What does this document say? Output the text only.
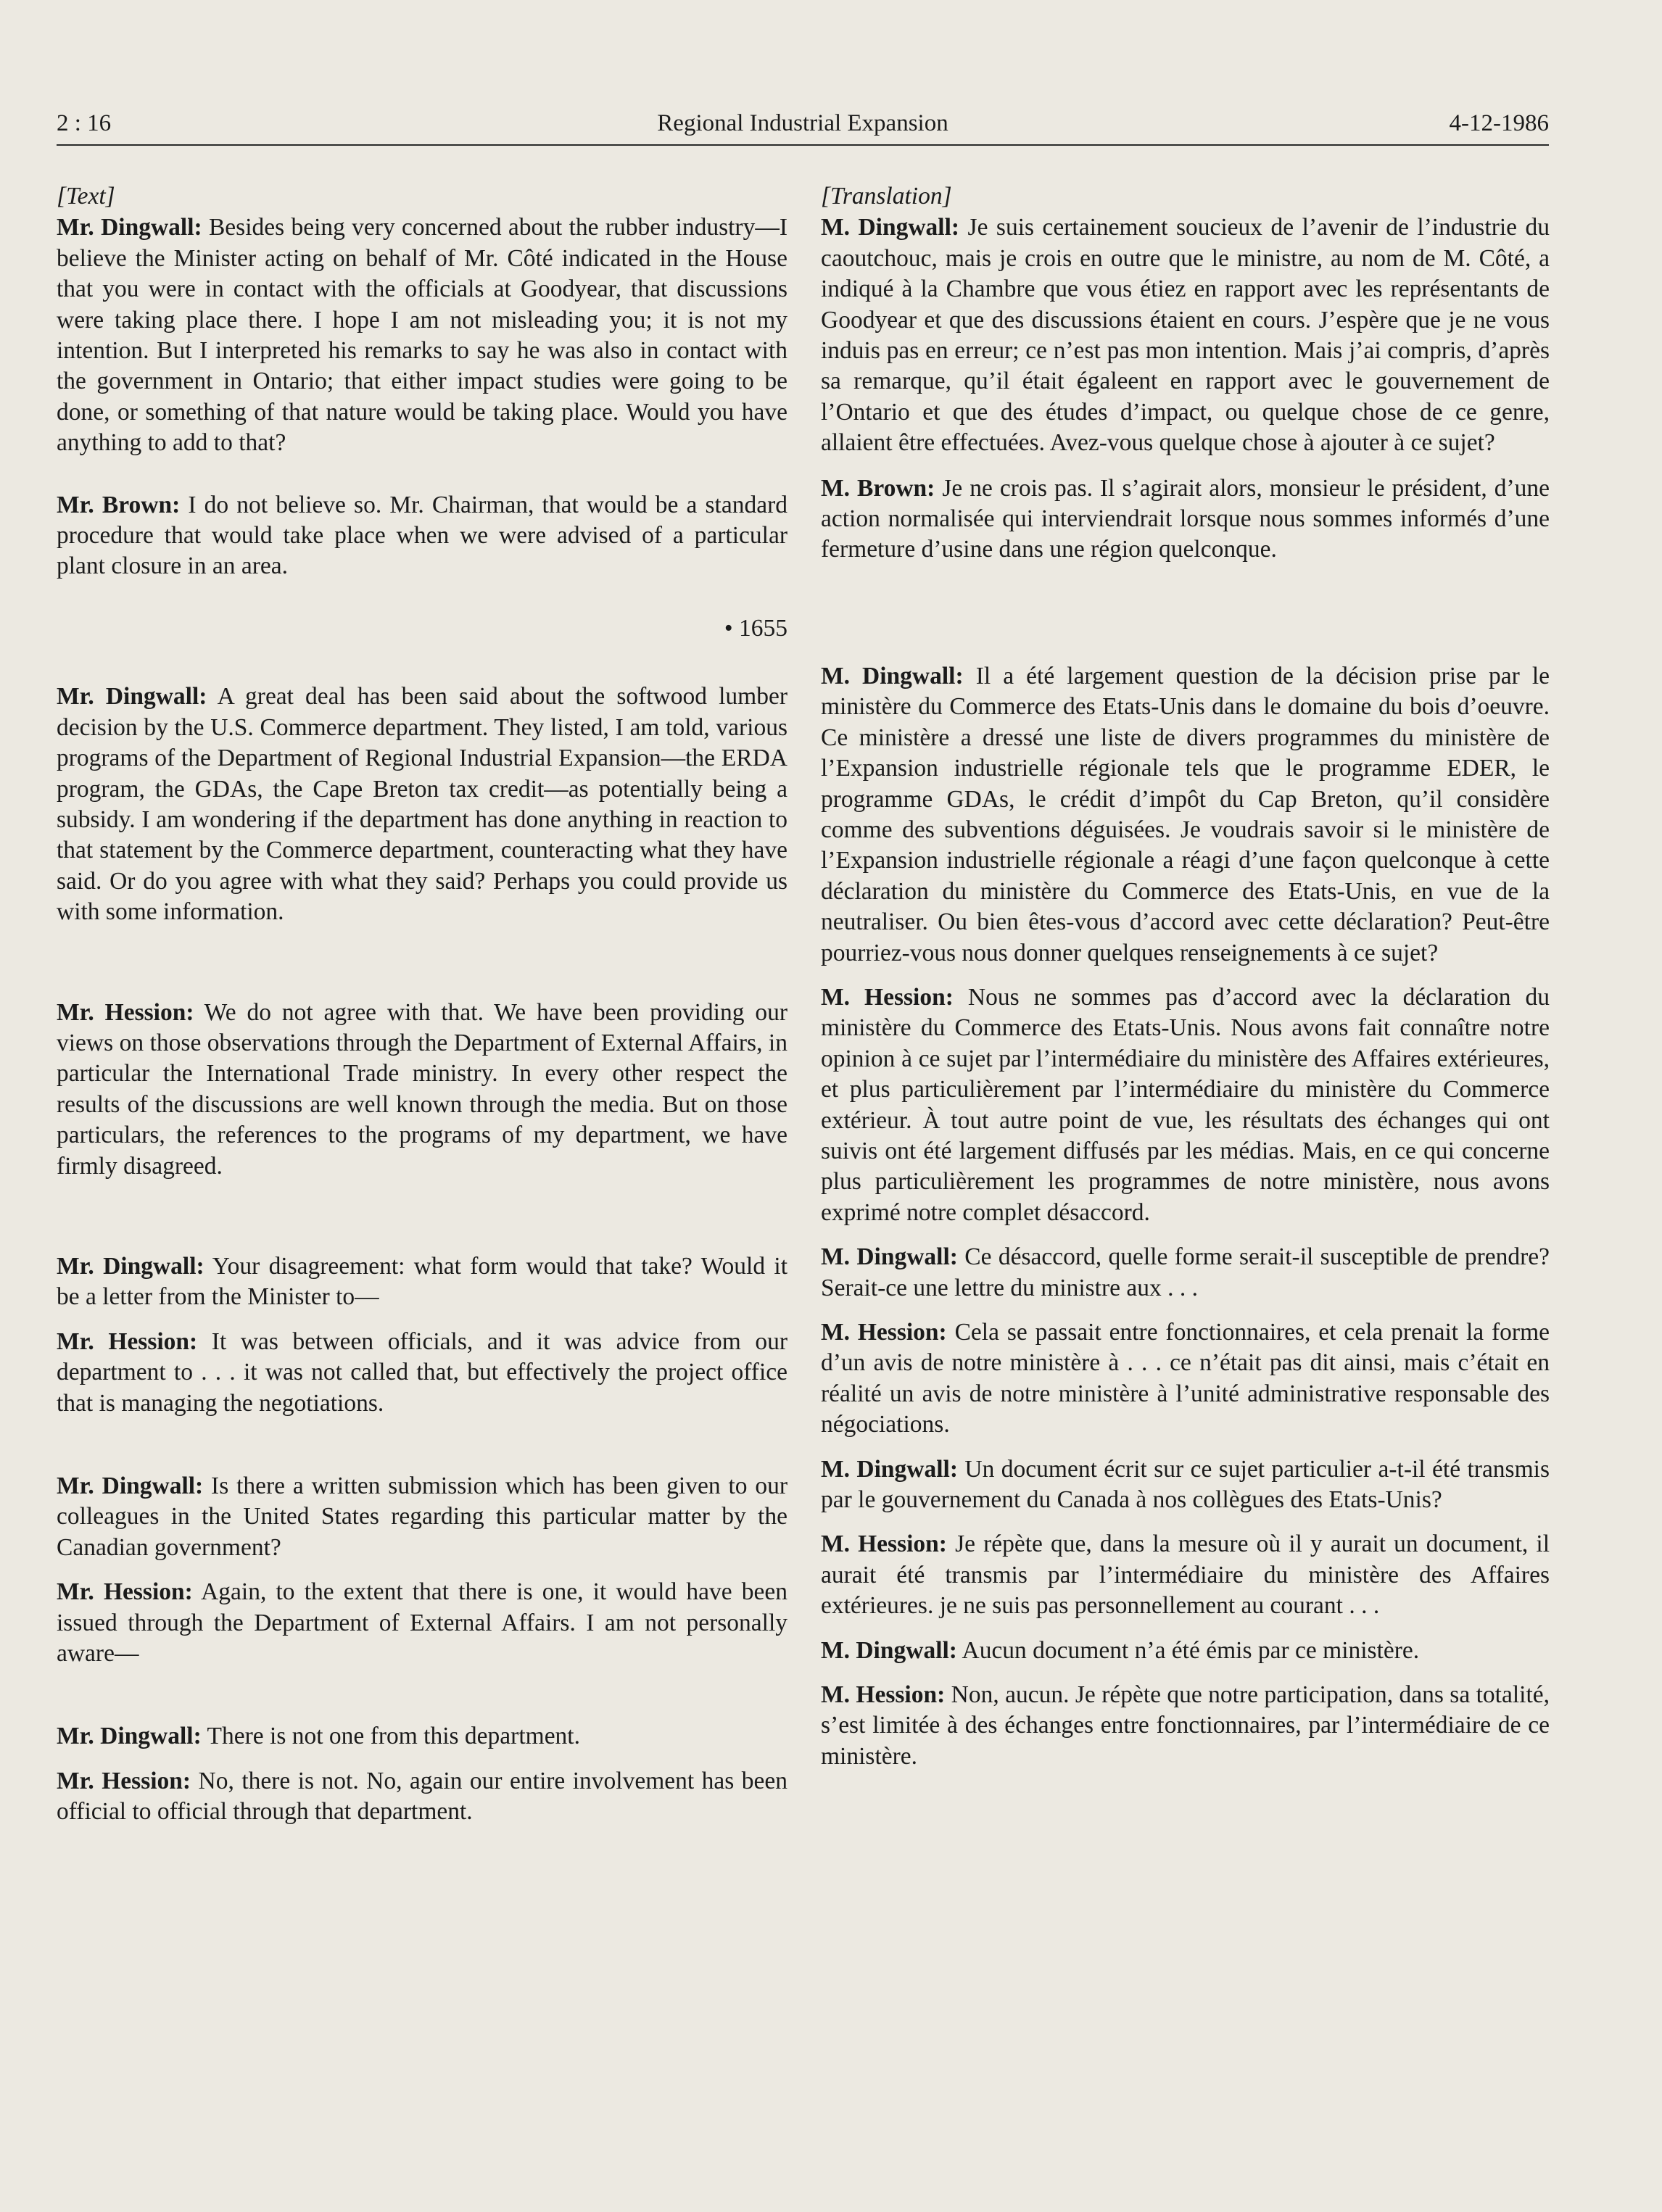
2 : 16	Regional Industrial Expansion	4-12-1986

[Text]

Mr. Dingwall: Besides being very concerned about the rubber industry—I believe the Minister acting on behalf of Mr. Côté indicated in the House that you were in contact with the officials at Goodyear, that discussions were taking place there. I hope I am not misleading you; it is not my intention. But I interpreted his remarks to say he was also in contact with the government in Ontario; that either impact studies were going to be done, or something of that nature would be taking place. Would you have anything to add to that?

Mr. Brown: I do not believe so. Mr. Chairman, that would be a standard procedure that would take place when we were advised of a particular plant closure in an area.

• 1655

Mr. Dingwall: A great deal has been said about the softwood lumber decision by the U.S. Commerce department. They listed, I am told, various programs of the Department of Regional Industrial Expansion—the ERDA program, the GDAs, the Cape Breton tax credit—as potentially being a subsidy. I am wondering if the department has done anything in reaction to that statement by the Commerce department, counteracting what they have said. Or do you agree with what they said? Perhaps you could provide us with some information.

Mr. Hession: We do not agree with that. We have been providing our views on those observations through the Department of External Affairs, in particular the International Trade ministry. In every other respect the results of the discussions are well known through the media. But on those particulars, the references to the programs of my department, we have firmly disagreed.

Mr. Dingwall: Your disagreement: what form would that take? Would it be a letter from the Minister to—

Mr. Hession: It was between officials, and it was advice from our department to . . . it was not called that, but effectively the project office that is managing the negotiations.

Mr. Dingwall: Is there a written submission which has been given to our colleagues in the United States regarding this particular matter by the Canadian government?

Mr. Hession: Again, to the extent that there is one, it would have been issued through the Department of External Affairs. I am not personally aware—

Mr. Dingwall: There is not one from this department.

Mr. Hession: No, there is not. No, again our entire involvement has been official to official through that department.

[Translation]

M. Dingwall: Je suis certainement soucieux de l’avenir de l’industrie du caoutchouc, mais je crois en outre que le ministre, au nom de M. Côté, a indiqué à la Chambre que vous étiez en rapport avec les représentants de Goodyear et que des discussions étaient en cours. J’espère que je ne vous induis pas en erreur; ce n’est pas mon intention. Mais j’ai compris, d’après sa remarque, qu’il était égaleent en rapport avec le gouvernement de l’Ontario et que des études d’impact, ou quelque chose de ce genre, allaient être effectuées. Avez-vous quelque chose à ajouter à ce sujet?

M. Brown: Je ne crois pas. Il s’agirait alors, monsieur le président, d’une action normalisée qui interviendrait lorsque nous sommes informés d’une fermeture d’usine dans une région quelconque.

M. Dingwall: Il a été largement question de la décision prise par le ministère du Commerce des Etats-Unis dans le domaine du bois d’oeuvre. Ce ministère a dressé une liste de divers programmes du ministère de l’Expansion industrielle régionale tels que le programme EDER, le programme GDAs, le crédit d’impôt du Cap Breton, qu’il considère comme des subventions déguisées. Je voudrais savoir si le ministère de l’Expansion industrielle régionale a réagi d’une façon quelconque à cette déclaration du ministère du Commerce des Etats-Unis, en vue de la neutraliser. Ou bien êtes-vous d’accord avec cette déclaration? Peut-être pourriez-vous nous donner quelques renseignements à ce sujet?

M. Hession: Nous ne sommes pas d’accord avec la déclaration du ministère du Commerce des Etats-Unis. Nous avons fait connaître notre opinion à ce sujet par l’intermédiaire du ministère des Affaires extérieures, et plus particulièrement par l’intermédiaire du ministère du Commerce extérieur. À tout autre point de vue, les résultats des échanges qui ont suivis ont été largement diffusés par les médias. Mais, en ce qui concerne plus particulièrement les programmes de notre ministère, nous avons exprimé notre complet désaccord.

M. Dingwall: Ce désaccord, quelle forme serait-il susceptible de prendre? Serait-ce une lettre du ministre aux . . .

M. Hession: Cela se passait entre fonctionnaires, et cela prenait la forme d’un avis de notre ministère à . . . ce n’était pas dit ainsi, mais c’était en réalité un avis de notre ministère à l’unité administrative responsable des négociations.

M. Dingwall: Un document écrit sur ce sujet particulier a-t-il été transmis par le gouvernement du Canada à nos collègues des Etats-Unis?

M. Hession: Je répète que, dans la mesure où il y aurait un document, il aurait été transmis par l’intermédiaire du ministère des Affaires extérieures. je ne suis pas personnellement au courant . . .

M. Dingwall: Aucun document n’a été émis par ce ministère.

M. Hession: Non, aucun. Je répète que notre participation, dans sa totalité, s’est limitée à des échanges entre fonctionnaires, par l’intermédiaire de ce ministère.
